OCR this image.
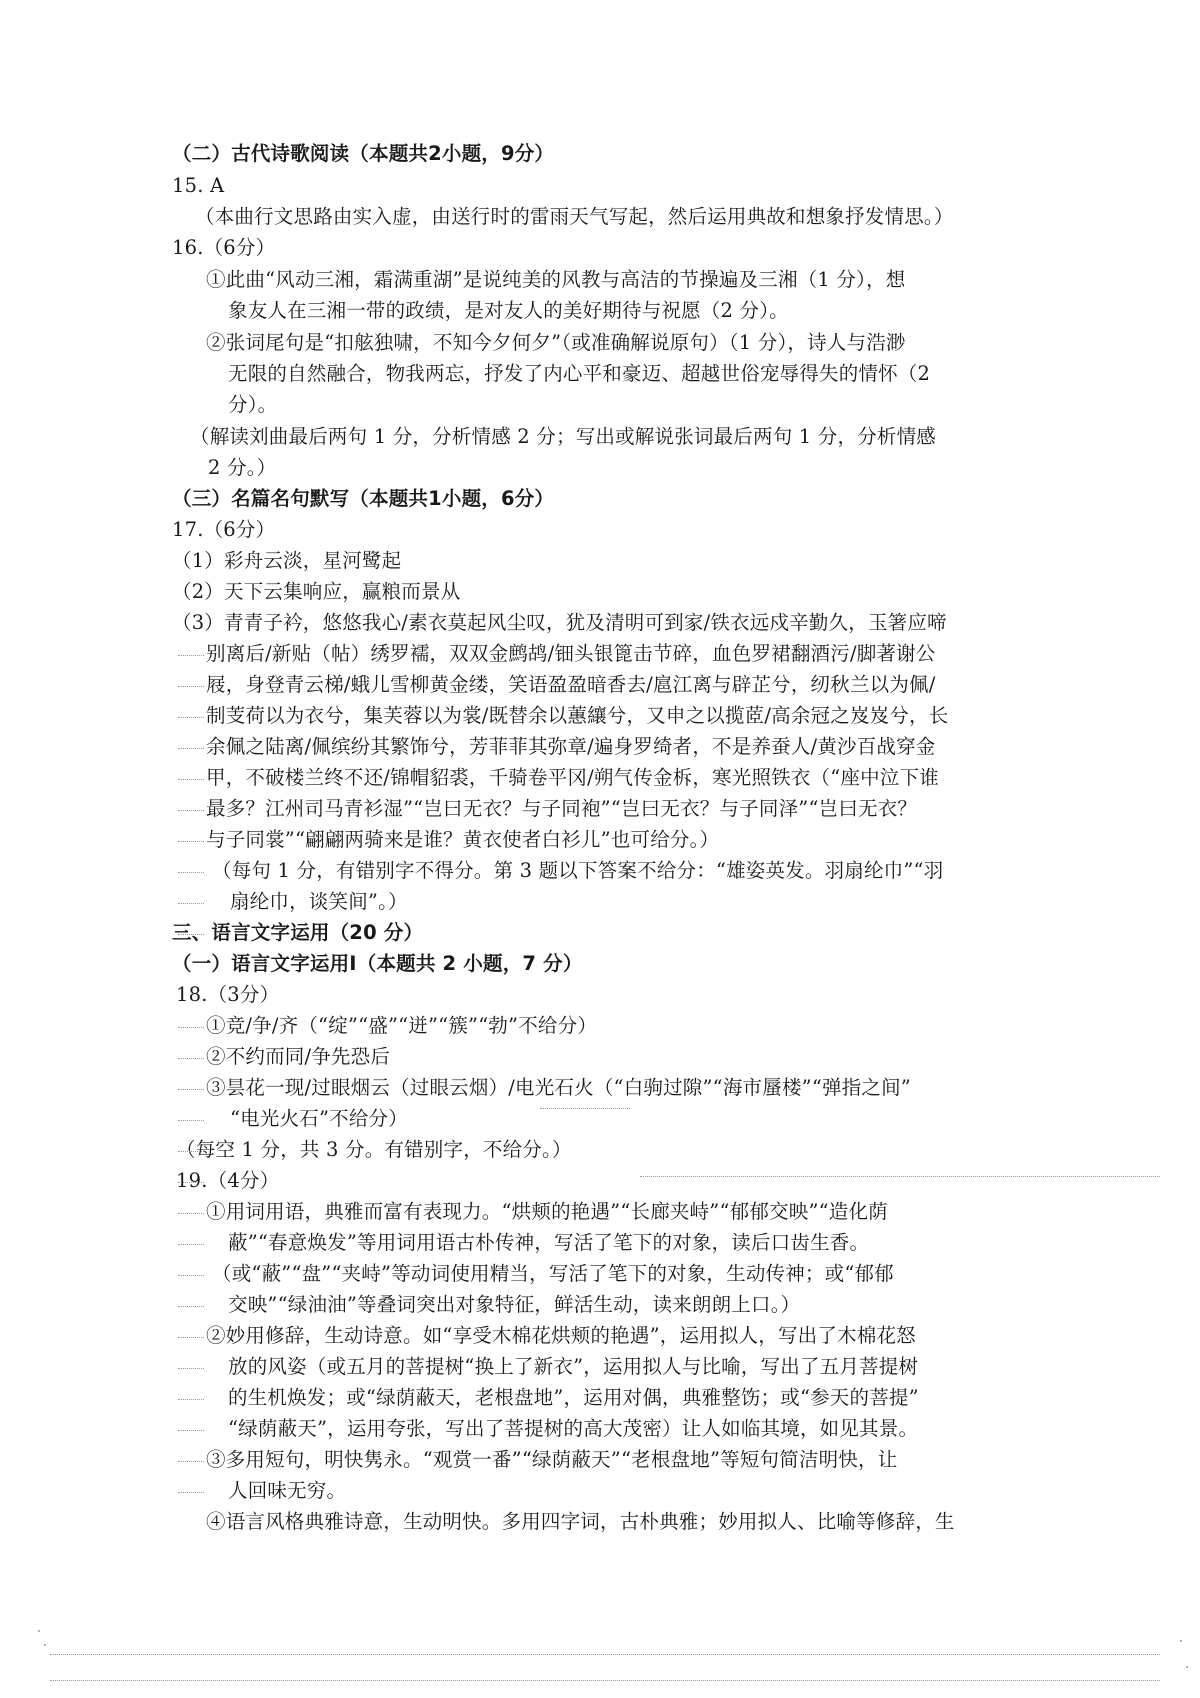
（二）古代诗歌阅读（本题共2小题，9分）
15. A
（本曲行文思路由实入虚，由送行时的雷雨天气写起，然后运用典故和想象抒发情思。）
16.（6分）
①此曲“风动三湘，霜满重湖”是说纯美的风教与高洁的节操遍及三湘（1 分），想
象友人在三湘一带的政绩，是对友人的美好期待与祝愿（2 分）。
②张词尾句是“扣舷独啸，不知今夕何夕”（或准确解说原句）（1 分），诗人与浩渺
无限的自然融合，物我两忘，抒发了内心平和豪迈、超越世俗宠辱得失的情怀（2
分）。
（解读刘曲最后两句 1 分，分析情感 2 分；写出或解说张词最后两句 1 分，分析情感
2 分。）
（三）名篇名句默写（本题共1小题，6分）
17.（6分）
（1）彩舟云淡，星河鹭起
（2）天下云集响应，赢粮而景从
（3）青青子衿，悠悠我心/素衣莫起风尘叹，犹及清明可到家/铁衣远戍辛勤久，玉箸应啼
别离后/新贴（帖）绣罗襦，双双金鹧鸪/钿头银篦击节碎，血色罗裙翻酒污/脚著谢公
屐，身登青云梯/蛾儿雪柳黄金缕，笑语盈盈暗香去/扈江离与辟芷兮，纫秋兰以为佩/
制芰荷以为衣兮，集芙蓉以为裳/既替余以蕙纕兮，又申之以揽茝/高余冠之岌岌兮，长
余佩之陆离/佩缤纷其繁饰兮，芳菲菲其弥章/遍身罗绮者，不是养蚕人/黄沙百战穿金
甲，不破楼兰终不还/锦帽貂裘，千骑卷平冈/朔气传金柝，寒光照铁衣（“座中泣下谁
最多？江州司马青衫湿”“岂曰无衣？与子同袍”“岂曰无衣？与子同泽”“岂曰无衣？
与子同裳”“翩翩两骑来是谁？黄衣使者白衫儿”也可给分。）
（每句 1 分，有错别字不得分。第 3 题以下答案不给分：“雄姿英发。羽扇纶巾”“羽
扇纶巾，谈笑间”。）
三、语言文字运用（20 分）
（一）语言文字运用Ⅰ（本题共 2 小题，7 分）
18.（3分）
①竞/争/齐（“绽”“盛”“迸”“簇”“勃”不给分）
②不约而同/争先恐后
③昙花一现/过眼烟云（过眼云烟）/电光石火（“白驹过隙”“海市蜃楼”“弹指之间”
“电光火石”不给分）
（每空 1 分，共 3 分。有错别字，不给分。）
19.（4分）
①用词用语，典雅而富有表现力。“烘颊的艳遇”“长廊夹峙”“郁郁交映”“造化荫
蔽”“春意焕发”等用词用语古朴传神，写活了笔下的对象，读后口齿生香。
（或“蔽”“盘”“夹峙”等动词使用精当，写活了笔下的对象，生动传神；或“郁郁
交映”“绿油油”等叠词突出对象特征，鲜活生动，读来朗朗上口。）
②妙用修辞，生动诗意。如“享受木棉花烘颊的艳遇”，运用拟人，写出了木棉花怒
放的风姿（或五月的菩提树“换上了新衣”，运用拟人与比喻，写出了五月菩提树
的生机焕发；或“绿荫蔽天，老根盘地”，运用对偶，典雅整饬；或“参天的菩提”
“绿荫蔽天”，运用夸张，写出了菩提树的高大茂密）让人如临其境，如见其景。
③多用短句，明快隽永。“观赏一番”“绿荫蔽天”“老根盘地”等短句简洁明快，让
人回味无穷。
④语言风格典雅诗意，生动明快。多用四字词，古朴典雅；妙用拟人、比喻等修辞，生
